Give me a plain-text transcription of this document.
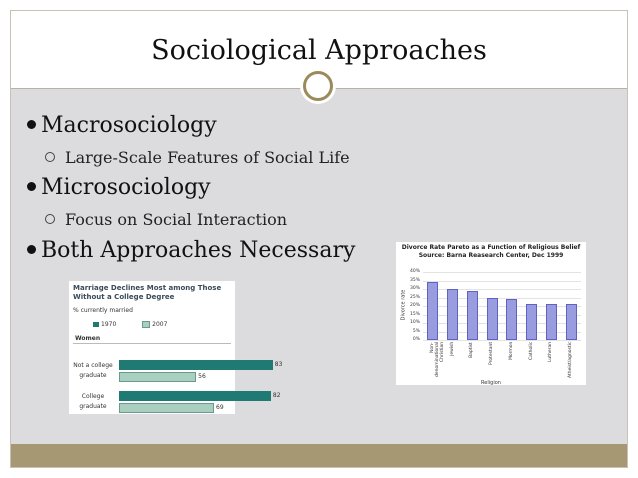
Sociological Approaches
Macrosociology
Large-Scale Features of Social Life
Microsociology
Focus on Social Interaction
Both Approaches Necessary
Marriage Declines Most among Those Without a College Degree
% currently married
1970	2007
Women
Not a college graduate
83
56
College graduate
82
69
Divorce Rate Pareto as a Function of Religious Belief
Source: Barna Reasearch Center, Dec 1999
Divorce rate
40%
35%
30%
25%
20%
15%
10%
5%
0%
Non-denominational Christian Jewish	Baptist	Protestant	Mormon	Catholic	Lutheran	Atheist/agnostic
Religion
